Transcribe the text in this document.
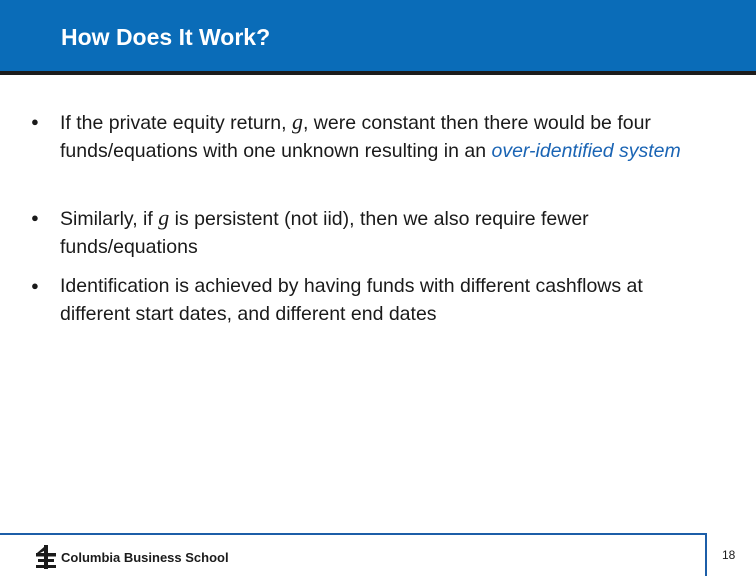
How Does It Work?
●	If the private equity return, g, were constant then there would be four funds/equations with one unknown resulting in an over-identified system
●	Similarly, if g is persistent (not iid), then we also require fewer funds/equations
●	Identification is achieved by having funds with different cashflows at different start dates, and different end dates
Columbia Business School	18
